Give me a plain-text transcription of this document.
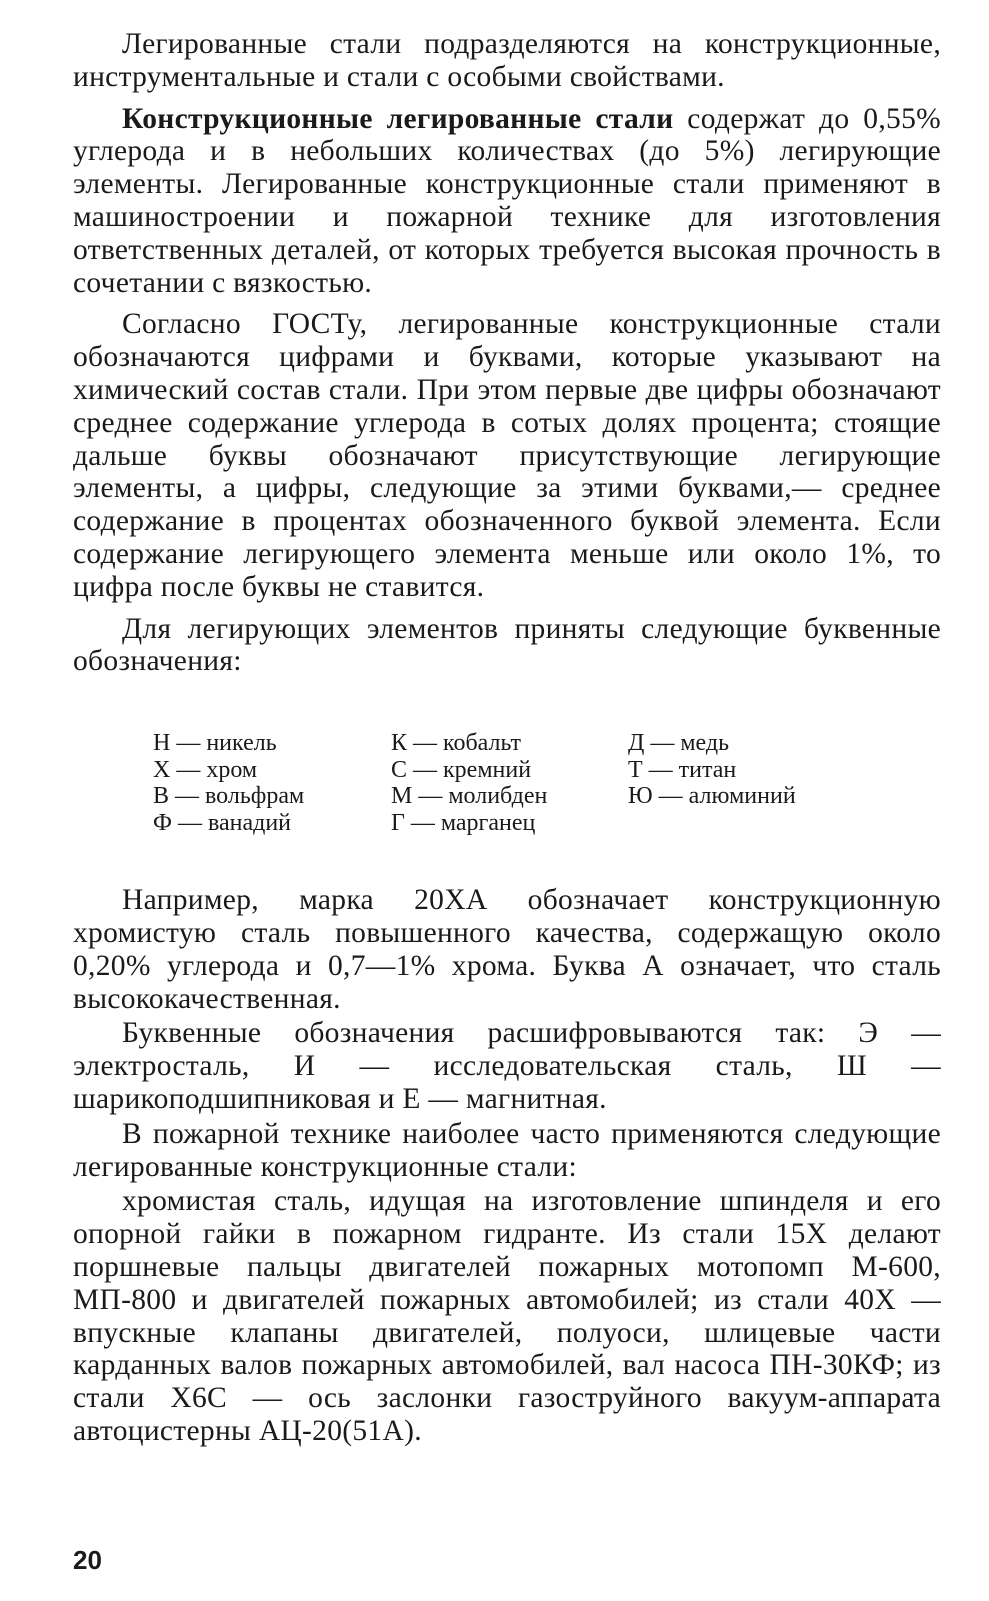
Легированные стали подразделяются на конструкционные, инструментальные и стали с особыми свойствами.

Конструкционные легированные стали содержат до 0,55% углерода и в небольших количествах (до 5%) легирующие элементы. Легированные конструкционные стали применяют в машиностроении и пожарной технике для изготовления ответственных деталей, от которых требуется высокая прочность в сочетании с вязкостью.

Согласно ГОСТу, легированные конструкционные стали обозначаются цифрами и буквами, которые указывают на химический состав стали. При этом первые две цифры обозначают среднее содержание углерода в сотых долях процента; стоящие дальше буквы обозначают присутствующие легирующие элементы, а цифры, следующие за этими буквами,— среднее содержание в процентах обозначенного буквой элемента. Если содержание легирующего элемента меньше или около 1%, то цифра после буквы не ставится.

Для легирующих элементов приняты следующие буквенные обозначения:

Н — никель
Х — хром
В — вольфрам
Ф — ванадий
К — кобальт
С — кремний
М — молибден
Г — марганец
Д — медь
Т — титан
Ю — алюминий

Например, марка 20ХА обозначает конструкционную хромистую сталь повышенного качества, содержащую около 0,20% углерода и 0,7—1% хрома. Буква А означает, что сталь высококачественная.

Буквенные обозначения расшифровываются так: Э — электросталь, И — исследовательская сталь, Ш — шарикоподшипниковая и Е — магнитная.

В пожарной технике наиболее часто применяются следующие легированные конструкционные стали:

хромистая сталь, идущая на изготовление шпинделя и его опорной гайки в пожарном гидранте. Из стали 15Х делают поршневые пальцы двигателей пожарных мотопомп М-600, МП-800 и двигателей пожарных автомобилей; из стали 40Х — впускные клапаны двигателей, полуоси, шлицевые части карданных валов пожарных автомобилей, вал насоса ПН-30КФ; из стали Х6С — ось заслонки газоструйного вакуум-аппарата автоцистерны АЦ-20(51А).

20
